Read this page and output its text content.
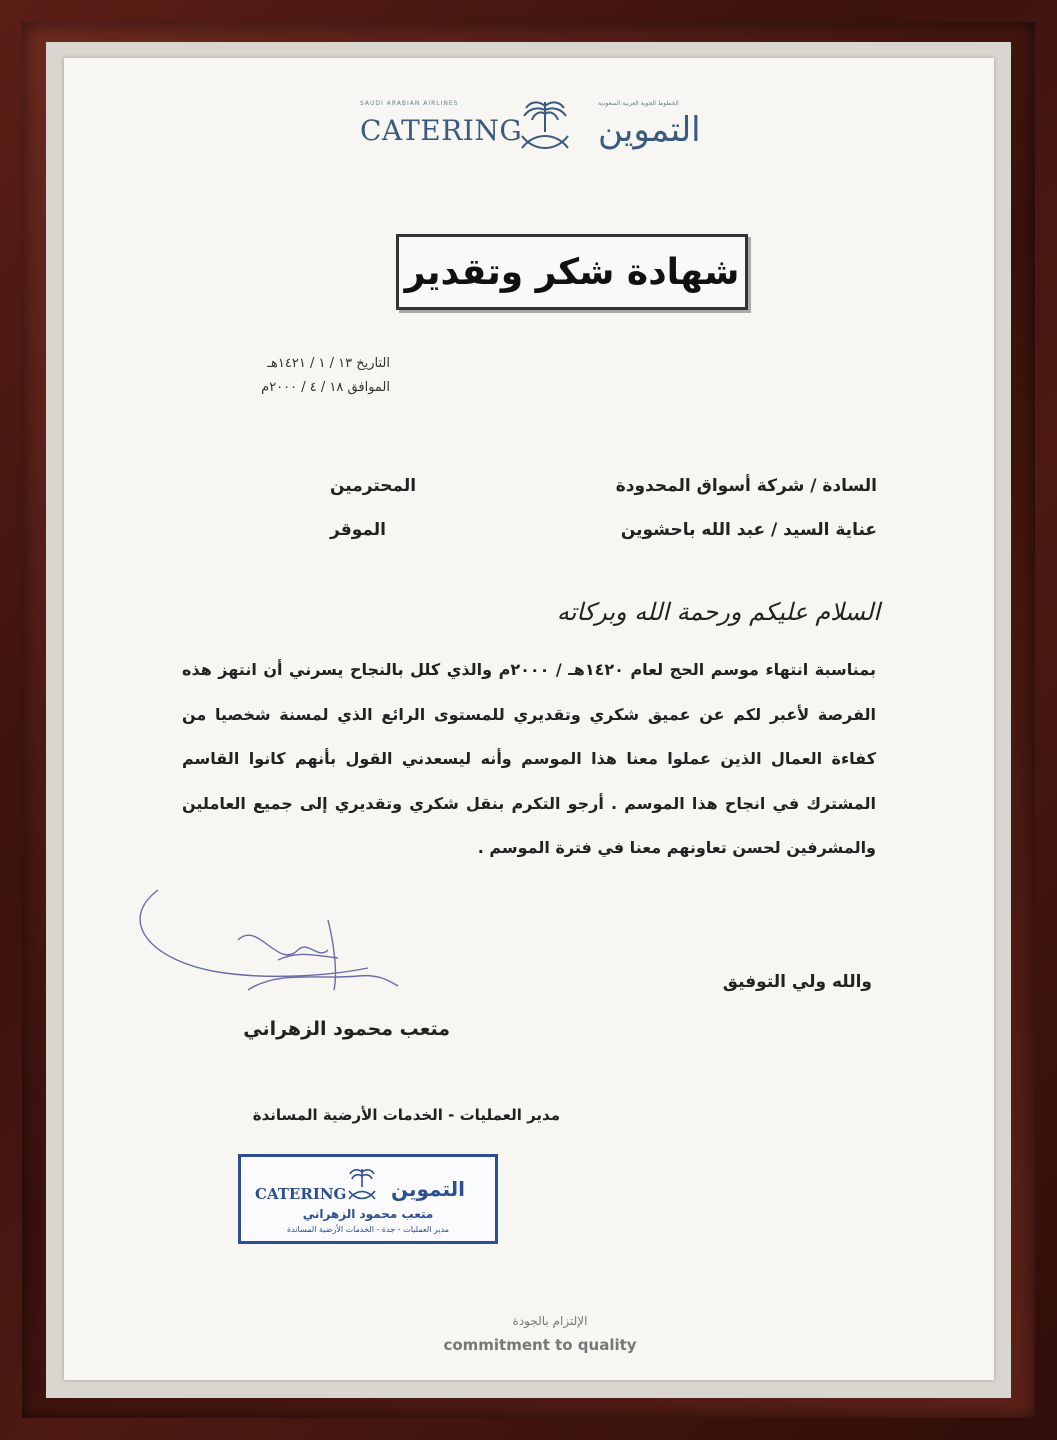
SAUDI ARABIAN AIRLINES
CATERING
الخطوط الجوية العربية السعودية
التموين
شهادة شكر وتقدير
التاريخ ١٣ / ١ / ١٤٢١هـ
الموافق ١٨ / ٤ / ٢٠٠٠م
السادة / شركة أسواق المحدودة
المحترمين
عناية السيد / عبد الله باحشوين
الموقر
السلام عليكم ورحمة الله وبركاته
بمناسبة انتهاء موسم الحج لعام ١٤٢٠هـ / ٢٠٠٠م والذي كلل بالنجاح يسرني أن انتهز هذه الفرصة لأعبر لكم عن عميق شكري وتقديري للمستوى الرائع الذي لمسنة شخصيا من كفاءة العمال الذين عملوا معنا هذا الموسم وأنه ليسعدني القول بأنهم كانوا القاسم المشترك في انجاح هذا الموسم . أرجو التكرم بنقل شكري وتقديري إلى جميع العاملين والمشرفين لحسن تعاونهم معنا في فترة الموسم .
والله ولي التوفيق
متعب محمود الزهراني
مدير العمليات - الخدمات الأرضية المساندة
CATERING التموين
متعب محمود الزهراني
مدير العمليات - جدة - الخدمات الأرضية المساندة
الإلتزام بالجودة
commitment to quality
